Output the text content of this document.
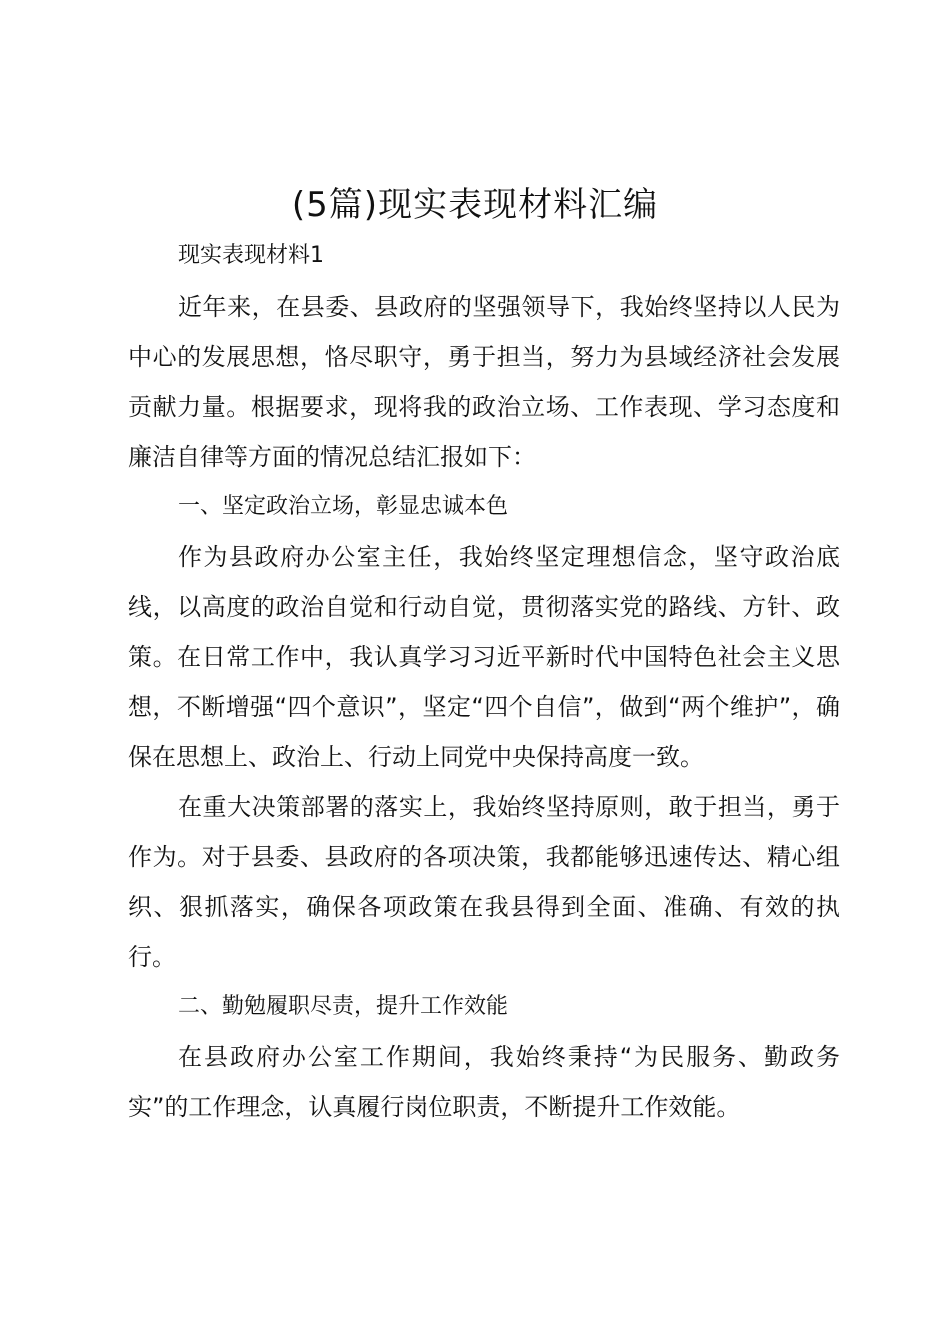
(5篇)现实表现材料汇编
现实表现材料1

近年来，在县委、县政府的坚强领导下，我始终坚持以人民为中心的发展思想，恪尽职守，勇于担当，努力为县域经济社会发展贡献力量。根据要求，现将我的政治立场、工作表现、学习态度和廉洁自律等方面的情况总结汇报如下：

一、坚定政治立场，彰显忠诚本色

作为县政府办公室主任，我始终坚定理想信念，坚守政治底线，以高度的政治自觉和行动自觉，贯彻落实党的路线、方针、政策。在日常工作中，我认真学习习近平新时代中国特色社会主义思想，不断增强“四个意识”，坚定“四个自信”，做到“两个维护”，确保在思想上、政治上、行动上同党中央保持高度一致。

在重大决策部署的落实上，我始终坚持原则，敢于担当，勇于作为。对于县委、县政府的各项决策，我都能够迅速传达、精心组织、狠抓落实，确保各项政策在我县得到全面、准确、有效的执行。

二、勤勉履职尽责，提升工作效能

在县政府办公室工作期间，我始终秉持“为民服务、勤政务实”的工作理念，认真履行岗位职责，不断提升工作效能。
